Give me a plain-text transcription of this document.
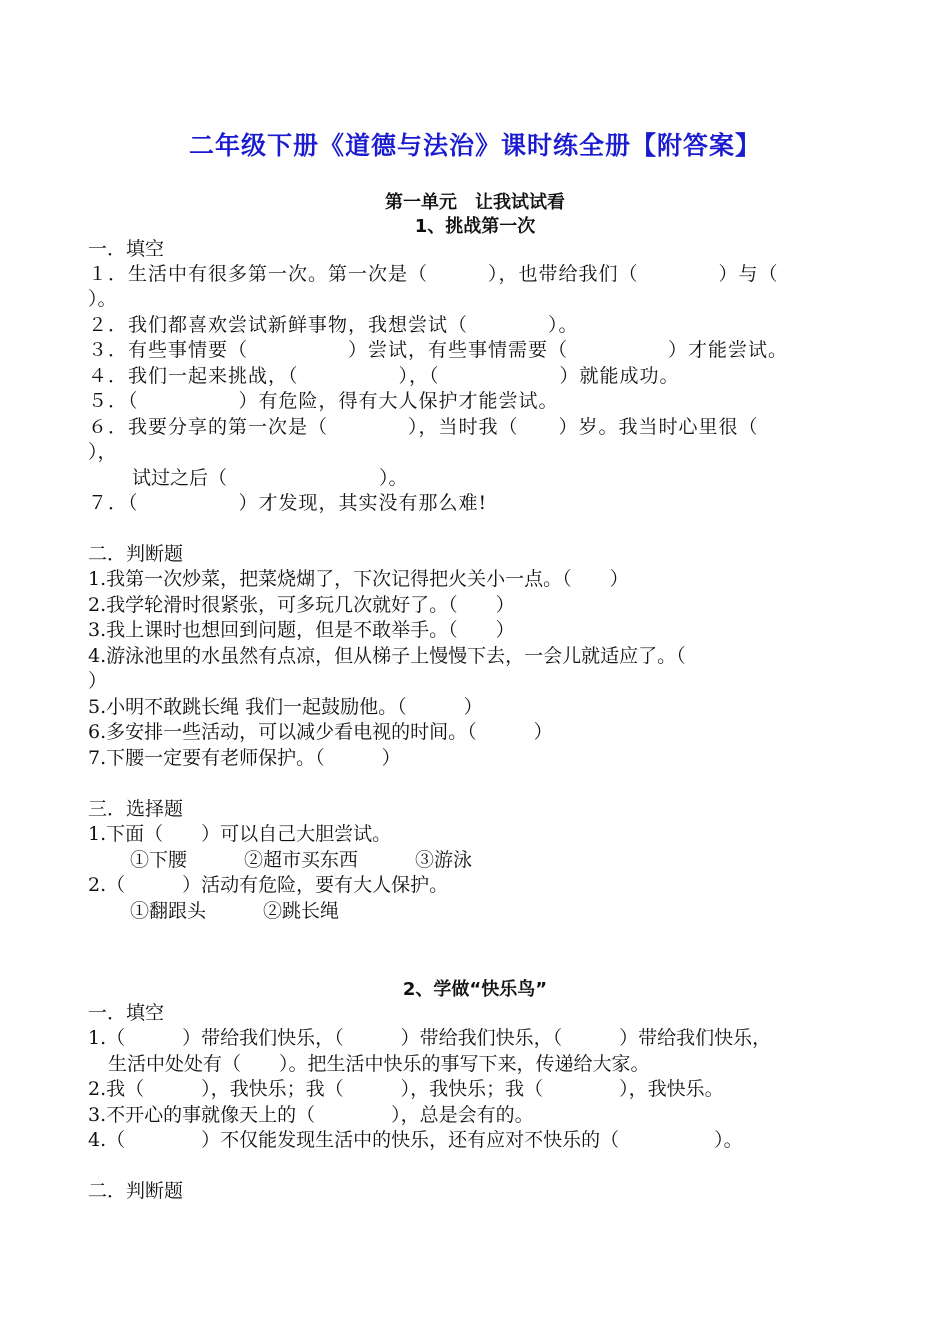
二年级下册《道德与法治》课时练全册【附答案】
第一单元　让我试试看
1、挑战第一次
一．填空
１．生活中有很多第一次。第一次是（　　　），也带给我们（　　　　）与（
）。
２．我们都喜欢尝试新鲜事物，我想尝试（　　　　）。
３．有些事情要（　　　　　）尝试，有些事情需要（　　　　　）才能尝试。
４．我们一起来挑战，（　　　　　），（　　　　　　）就能成功。
５．（　　　　　）有危险，得有大人保护才能尝试。
６．我要分享的第一次是（　　　　），当时我（　　）岁。我当时心里很（
），
试过之后（　　　　　　　　）。
７．（　　　　　）才发现，其实没有那么难!
二．判断题
1.我第一次炒菜，把菜烧煳了，下次记得把火关小一点。（　　）
2.我学轮滑时很紧张，可多玩几次就好了。（　　）
3.我上课时也想回到问题，但是不敢举手。（　　）
4.游泳池里的水虽然有点凉，但从梯子上慢慢下去，一会儿就适应了。（
）
5.小明不敢跳长绳 我们一起鼓励他。（　　　）
6.多安排一些活动，可以减少看电视的时间。（　　　）
7.下腰一定要有老师保护。（　　　）
三．选择题
1.下面（　　）可以自己大胆尝试。
①下腰　　　②超市买东西　　　③游泳
2.（　　　）活动有危险，要有大人保护。
①翻跟头　　　②跳长绳
2、学做“快乐鸟”
一．填空
1.（　　　）带给我们快乐，（　　　）带给我们快乐，（　　　）带给我们快乐，
生活中处处有（　　）。把生活中快乐的事写下来，传递给大家。
2.我（　　　），我快乐；我（　　　），我快乐；我（　　　　），我快乐。
3.不开心的事就像天上的（　　　　），总是会有的。
4.（　　　　）不仅能发现生活中的快乐，还有应对不快乐的（　　　　　）。
二．判断题
